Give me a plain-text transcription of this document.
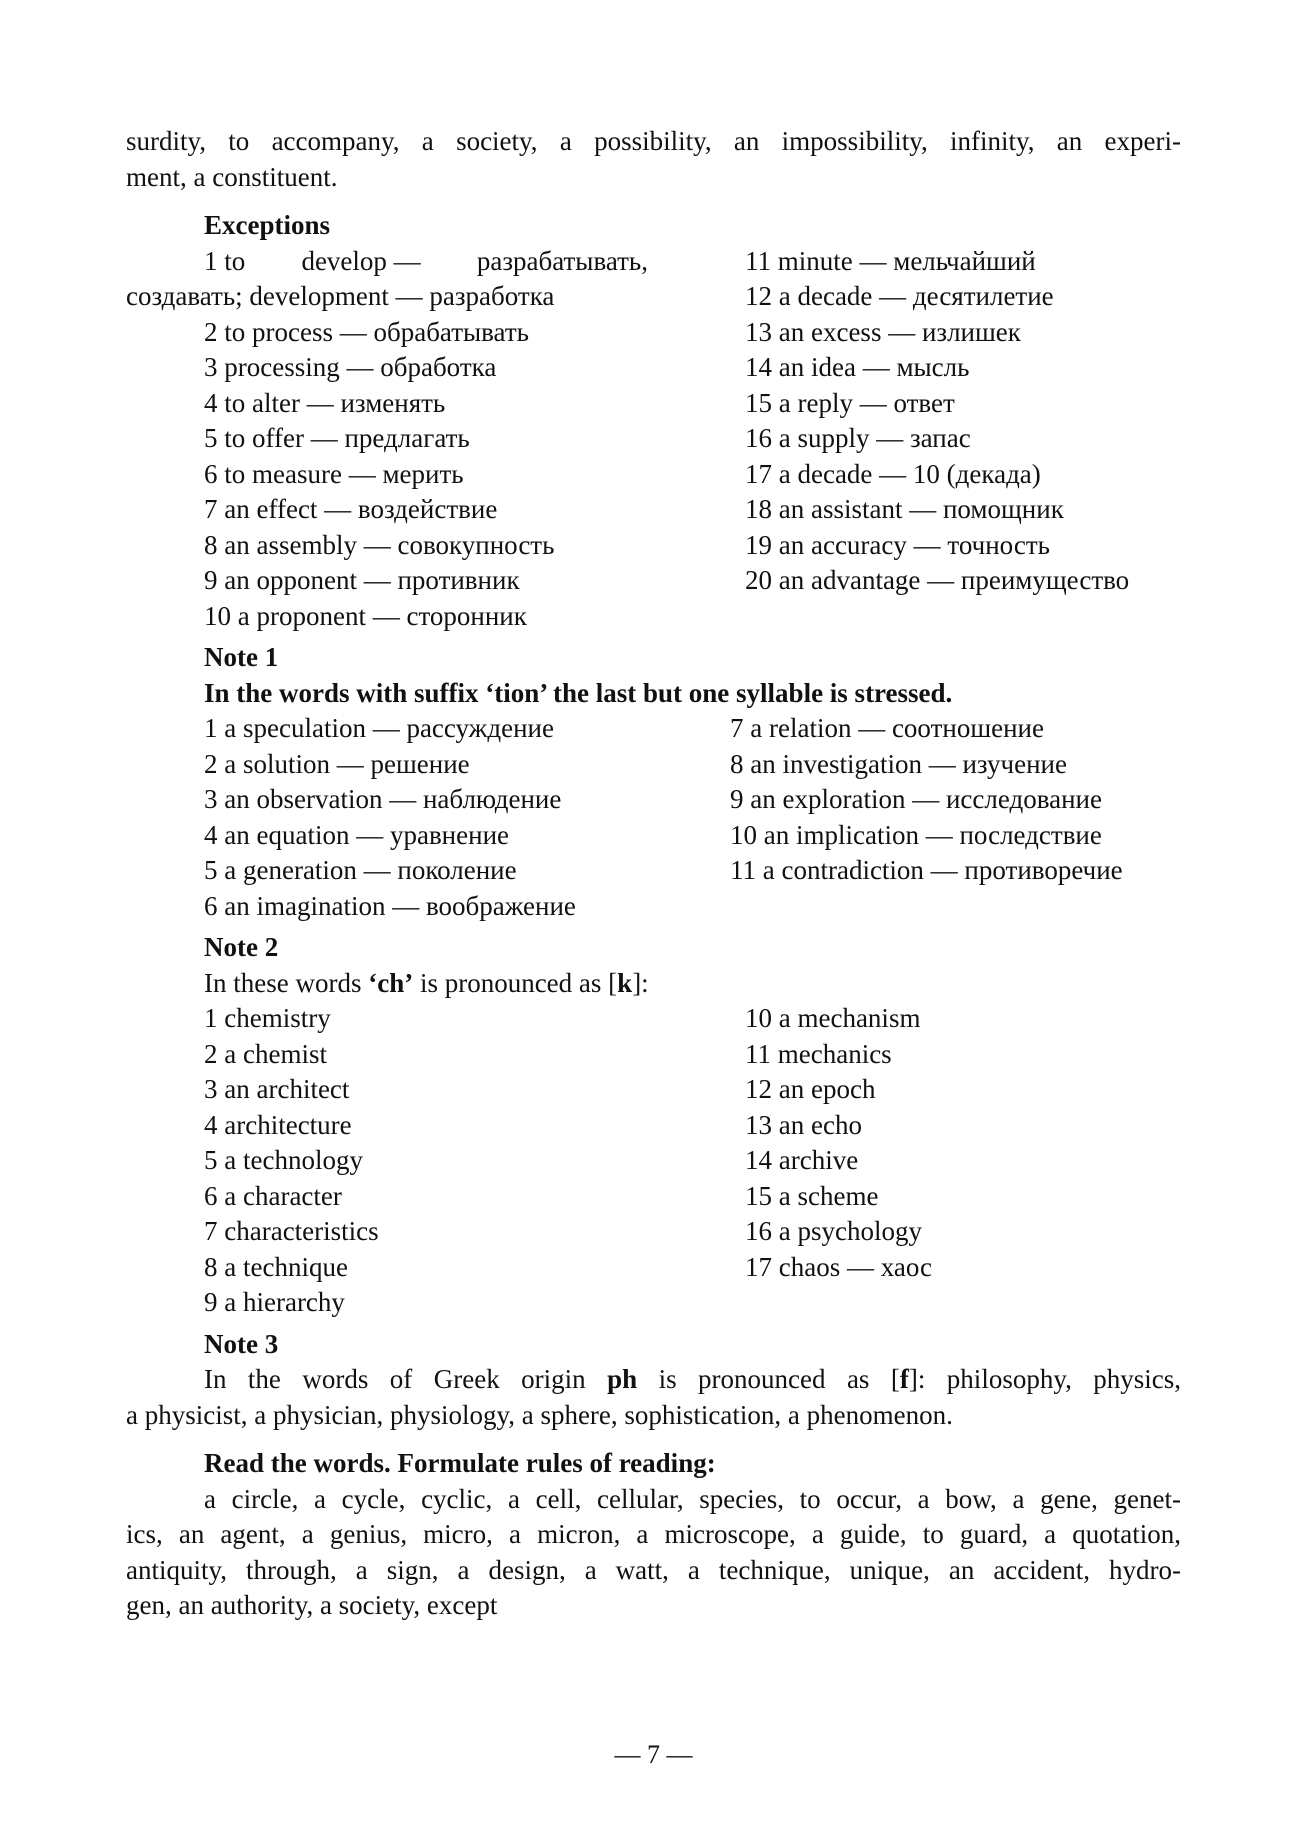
surdity, to accompany, a society, a possibility, an impossibility, infinity, an experi-

ment, a constituent.

Exceptions

1 to develop — разрабатывать,
создавать; development — разработка
2 to process — обрабатывать
3 processing — обработка
4 to alter — изменять
5 to offer — предлагать
6 to measure — мерить
7 an effect — воздействие
8 an assembly — совокупность
9 an opponent — противник
10 a proponent — сторонник
11 minute — мельчайший
12 a decade — десятилетие
13 an excess — излишек
14 an idea — мысль
15 a reply — ответ
16 a supply — запас
17 a decade — 10 (декада)
18 an assistant — помощник
19 an accuracy — точность
20 an advantage — преимущество

Note 1

In the words with suffix ‘tion’ the last but one syllable is stressed.

1 a speculation — рассуждение
2 a solution — решение
3 an observation — наблюдение
4 an equation — уравнение
5 a generation — поколение
6 an imagination — воображение
7 a relation — соотношение
8 an investigation — изучение
9 an exploration — исследование
10 an implication — последствие
11 a contradiction — противоречие

Note 2

In these words ‘ch’ is pronounced as [k]:

1 chemistry
2 a chemist
3 an architect
4 architecture
5 a technology
6 a character
7 characteristics
8 a technique
9 a hierarchy
10 a mechanism
11 mechanics
12 an epoch
13 an echo
14 archive
15 a scheme
16 a psychology
17 chaos — хаос

Note 3

In the words of Greek origin ph is pronounced as [f]: philosophy, physics,

a physicist, a physician, physiology, a sphere, sophistication, a phenomenon.

Read the words. Formulate rules of reading:

a circle, a cycle, cyclic, a cell, cellular, species, to occur, a bow, a gene, genet-

ics, an agent, a genius, micro, a micron, a microscope, a guide, to guard, a quotation,

antiquity, through, a sign, a design, a watt, a technique, unique, an accident, hydro-

gen, an authority, a society, except

— 7 —
